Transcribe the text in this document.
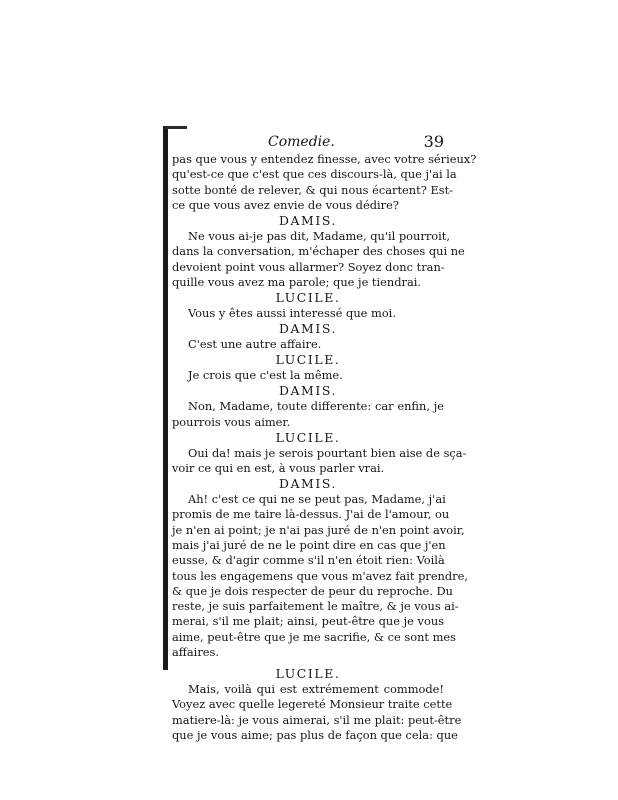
Comedie.	39
pas que vous y entendez finesse, avec votre sérieux?
qu'est-ce que c'est que ces discours-là, que j'ai la
sotte bonté de relever, & qui nous écartent? Est-
ce que vous avez envie de vous dédire?
DAMIS.
Ne vous ai-je pas dit, Madame, qu'il pourroit,
dans la conversation, m'échaper des choses qui ne
devoient point vous allarmer? Soyez donc tran-
quille vous avez ma parole; que je tiendrai.
LUCILE.
Vous y êtes aussi interessé que moi.
DAMIS.
C'est une autre affaire.
LUCILE.
Je crois que c'est la même.
DAMIS.
Non, Madame, toute differente: car enfin, je
pourrois vous aimer.
LUCILE.
Oui da! mais je serois pourtant bien aise de sça-
voir ce qui en est, à vous parler vrai.
DAMIS.
Ah! c'est ce qui ne se peut pas, Madame, j'ai
promis de me taire là-dessus. J'ai de l'amour, ou
je n'en ai point; je n'ai pas juré de n'en point avoir,
mais j'ai juré de ne le point dire en cas que j'en
eusse, & d'agir comme s'il n'en étoit rien: Voilà
tous les engagemens que vous m'avez fait prendre,
& que je dois respecter de peur du reproche. Du
reste, je suis parfaitement le maître, & je vous ai-
merai, s'il me plait; ainsi, peut-être que je vous
aime, peut-être que je me sacrifie, & ce sont mes
affaires.
LUCILE.
Mais, voilà qui est extrémement commode!
Voyez avec quelle legereté Monsieur traite cette
matiere-là: je vous aimerai, s'il me plait: peut-être
que je vous aime; pas plus de façon que cela: que
